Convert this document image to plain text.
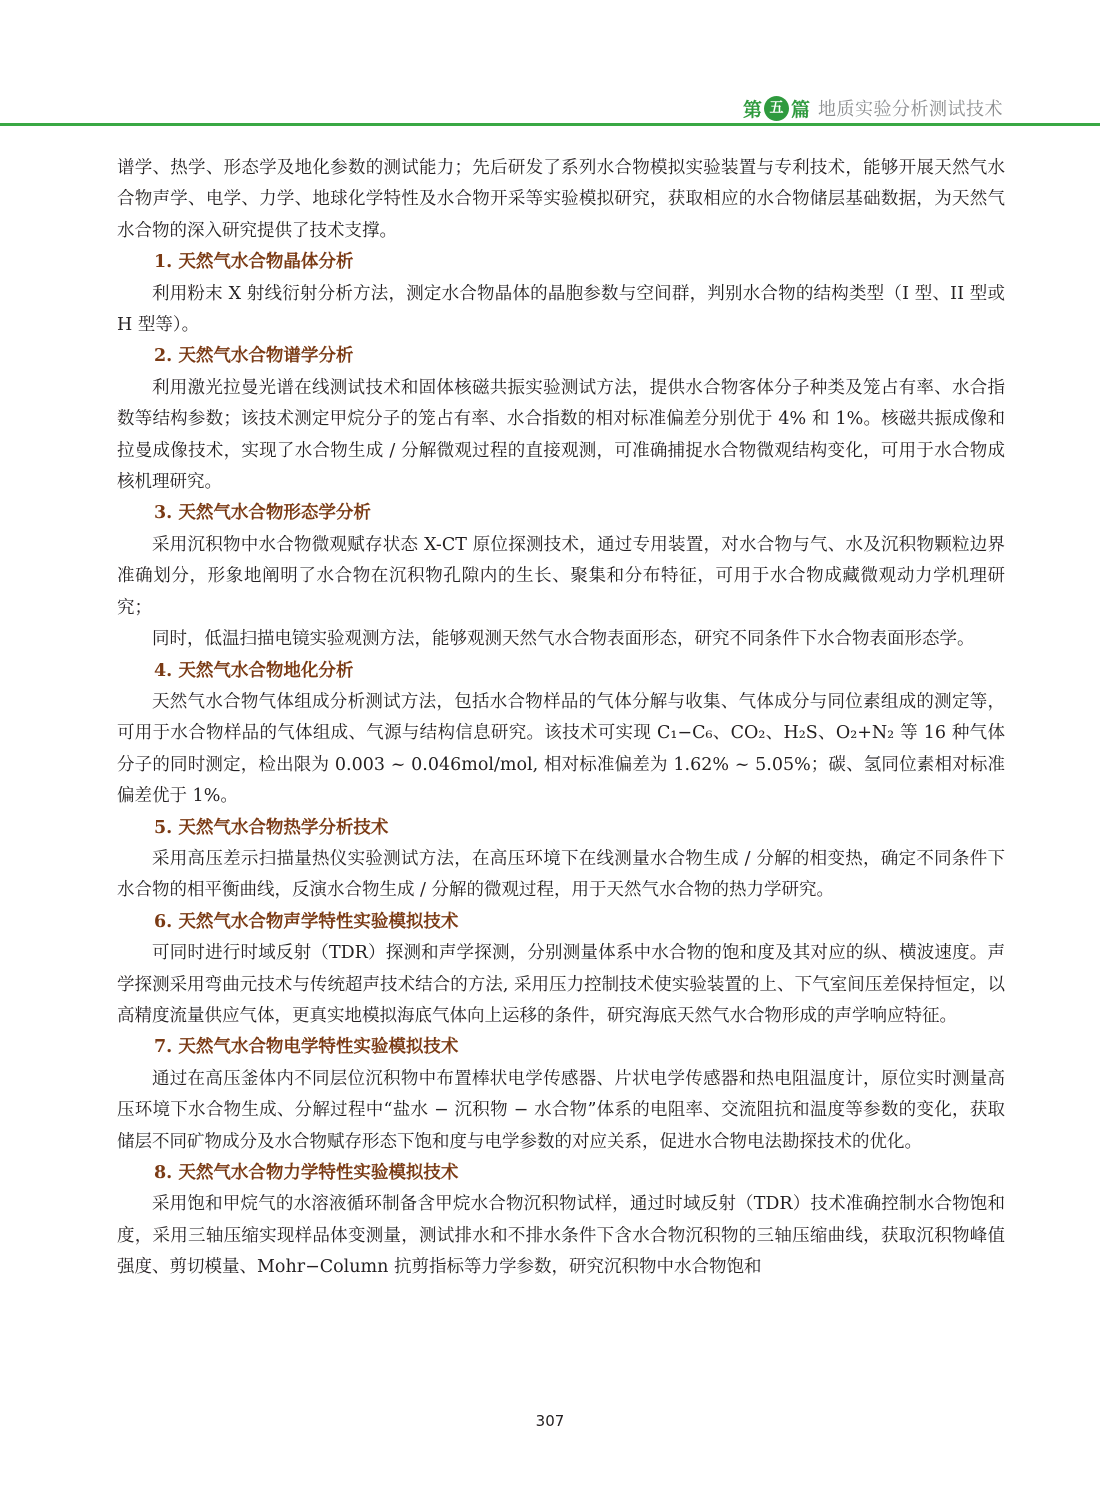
第 五 篇 地质实验分析测试技术

谱学、热学、形态学及地化参数的测试能力；先后研发了系列水合物模拟实验装置与专利技术，能够开展天然气水合物声学、电学、力学、地球化学特性及水合物开采等实验模拟研究，获取相应的水合物储层基础数据，为天然气水合物的深入研究提供了技术支撑。

1. 天然气水合物晶体分析

利用粉末 X 射线衍射分析方法，测定水合物晶体的晶胞参数与空间群，判别水合物的结构类型（I 型、II 型或 H 型等）。

2. 天然气水合物谱学分析

利用激光拉曼光谱在线测试技术和固体核磁共振实验测试方法，提供水合物客体分子种类及笼占有率、水合指数等结构参数；该技术测定甲烷分子的笼占有率、水合指数的相对标准偏差分别优于 4% 和 1%。核磁共振成像和拉曼成像技术，实现了水合物生成 / 分解微观过程的直接观测，可准确捕捉水合物微观结构变化，可用于水合物成核机理研究。

3. 天然气水合物形态学分析

采用沉积物中水合物微观赋存状态 X-CT 原位探测技术，通过专用装置，对水合物与气、水及沉积物颗粒边界准确划分，形象地阐明了水合物在沉积物孔隙内的生长、聚集和分布特征，可用于水合物成藏微观动力学机理研究；

同时，低温扫描电镜实验观测方法，能够观测天然气水合物表面形态，研究不同条件下水合物表面形态学。

4. 天然气水合物地化分析

天然气水合物气体组成分析测试方法，包括水合物样品的气体分解与收集、气体成分与同位素组成的测定等，可用于水合物样品的气体组成、气源与结构信息研究。该技术可实现 C₁−C₆、CO₂、H₂S、O₂+N₂ 等 16 种气体分子的同时测定，检出限为 0.003 ~ 0.046mol/mol, 相对标准偏差为 1.62% ~ 5.05%；碳、氢同位素相对标准偏差优于 1%。

5. 天然气水合物热学分析技术

采用高压差示扫描量热仪实验测试方法，在高压环境下在线测量水合物生成 / 分解的相变热，确定不同条件下水合物的相平衡曲线，反演水合物生成 / 分解的微观过程，用于天然气水合物的热力学研究。

6. 天然气水合物声学特性实验模拟技术

可同时进行时域反射（TDR）探测和声学探测，分别测量体系中水合物的饱和度及其对应的纵、横波速度。声学探测采用弯曲元技术与传统超声技术结合的方法, 采用压力控制技术使实验装置的上、下气室间压差保持恒定，以高精度流量供应气体，更真实地模拟海底气体向上运移的条件，研究海底天然气水合物形成的声学响应特征。

7. 天然气水合物电学特性实验模拟技术

通过在高压釜体内不同层位沉积物中布置棒状电学传感器、片状电学传感器和热电阻温度计，原位实时测量高压环境下水合物生成、分解过程中“盐水 − 沉积物 − 水合物”体系的电阻率、交流阻抗和温度等参数的变化，获取储层不同矿物成分及水合物赋存形态下饱和度与电学参数的对应关系，促进水合物电法勘探技术的优化。

8. 天然气水合物力学特性实验模拟技术

采用饱和甲烷气的水溶液循环制备含甲烷水合物沉积物试样，通过时域反射（TDR）技术准确控制水合物饱和度，采用三轴压缩实现样品体变测量，测试排水和不排水条件下含水合物沉积物的三轴压缩曲线，获取沉积物峰值强度、剪切模量、Mohr−Column 抗剪指标等力学参数，研究沉积物中水合物饱和

307
